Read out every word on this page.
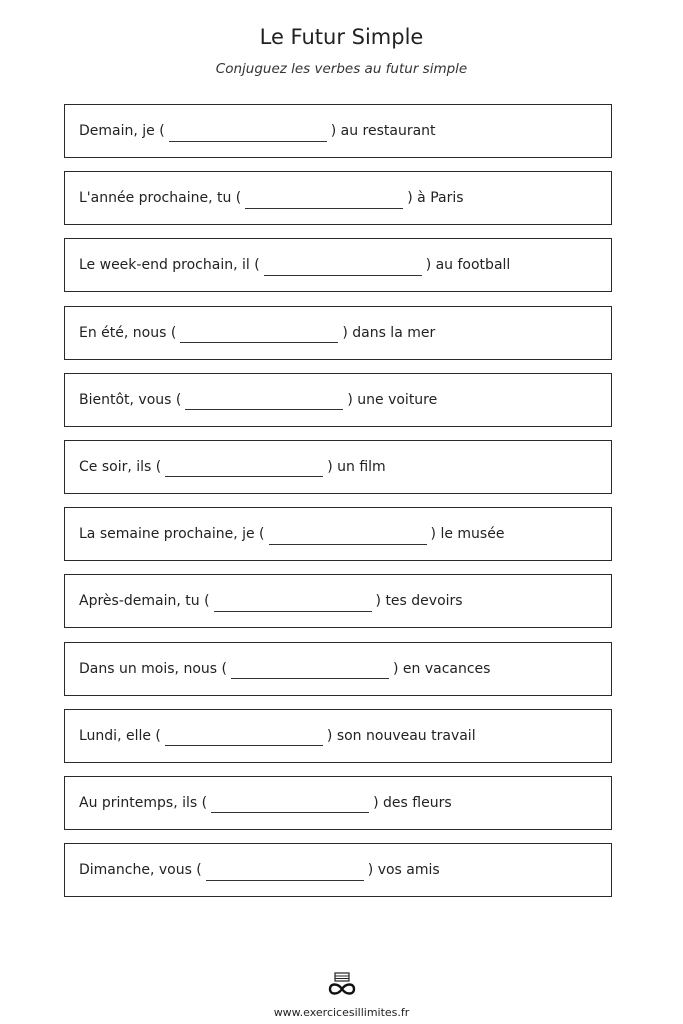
Le Futur Simple
Conjuguez les verbes au futur simple
Demain, je (	) au restaurant
L'année prochaine, tu (	) à Paris
Le week-end prochain, il (	) au football
En été, nous (	) dans la mer
Bientôt, vous (	) une voiture
Ce soir, ils (	) un film
La semaine prochaine, je (	) le musée
Après-demain, tu (	) tes devoirs
Dans un mois, nous (	) en vacances
Lundi, elle (	) son nouveau travail
Au printemps, ils (	) des fleurs
Dimanche, vous (	) vos amis
www.exercicesillimites.fr
